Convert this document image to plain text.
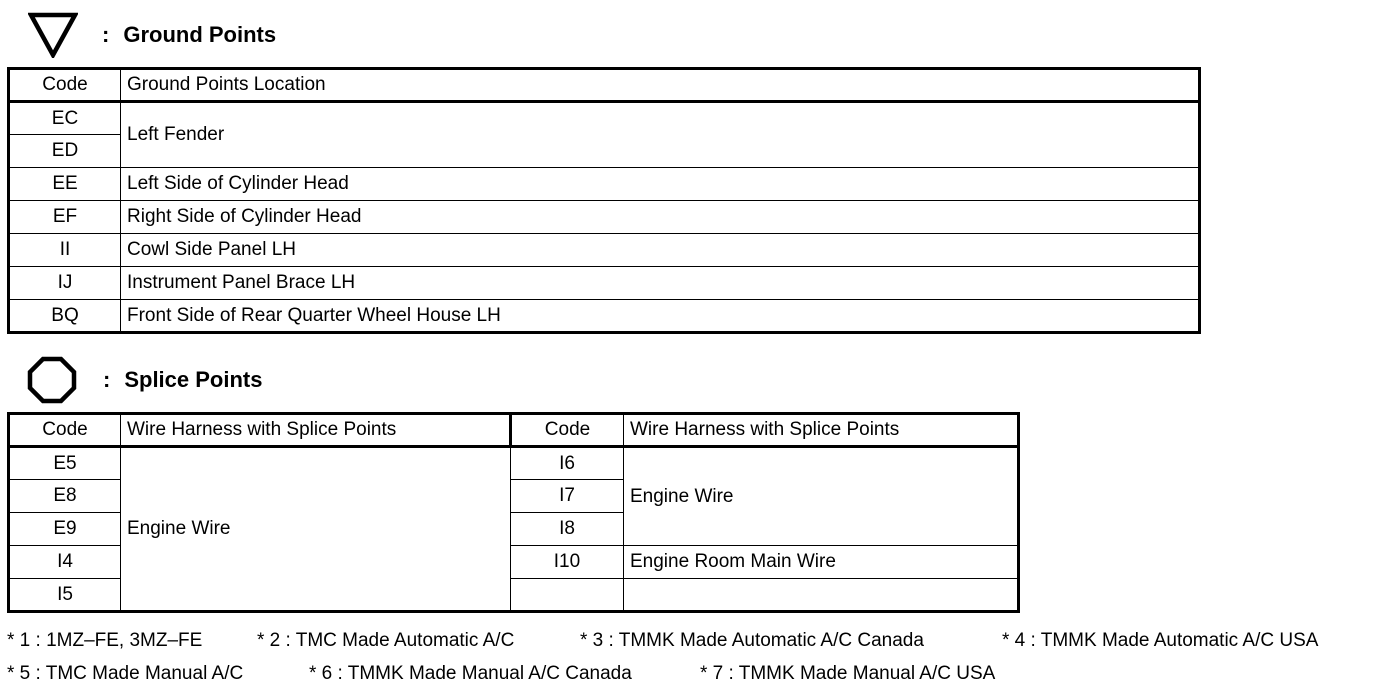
: Ground Points
Code	Ground Points Location
EC	Left Fender
ED	
EE	Left Side of Cylinder Head
EF	Right Side of Cylinder Head
II	Cowl Side Panel LH
IJ	Instrument Panel Brace LH
BQ	Front Side of Rear Quarter Wheel House LH
: Splice Points
Code	Wire Harness with Splice Points	Code	Wire Harness with Splice Points
E5	Engine Wire	I6	Engine Wire
E8		I7	
E9		I8	
I4		I10	Engine Room Main Wire
I5			
* 1 : 1MZ–FE, 3MZ–FE	* 2 : TMC Made Automatic A/C	* 3 : TMMK Made Automatic A/C Canada	* 4 : TMMK Made Automatic A/C USA
* 5 : TMC Made Manual A/C	* 6 : TMMK Made Manual A/C Canada	* 7 : TMMK Made Manual A/C USA
